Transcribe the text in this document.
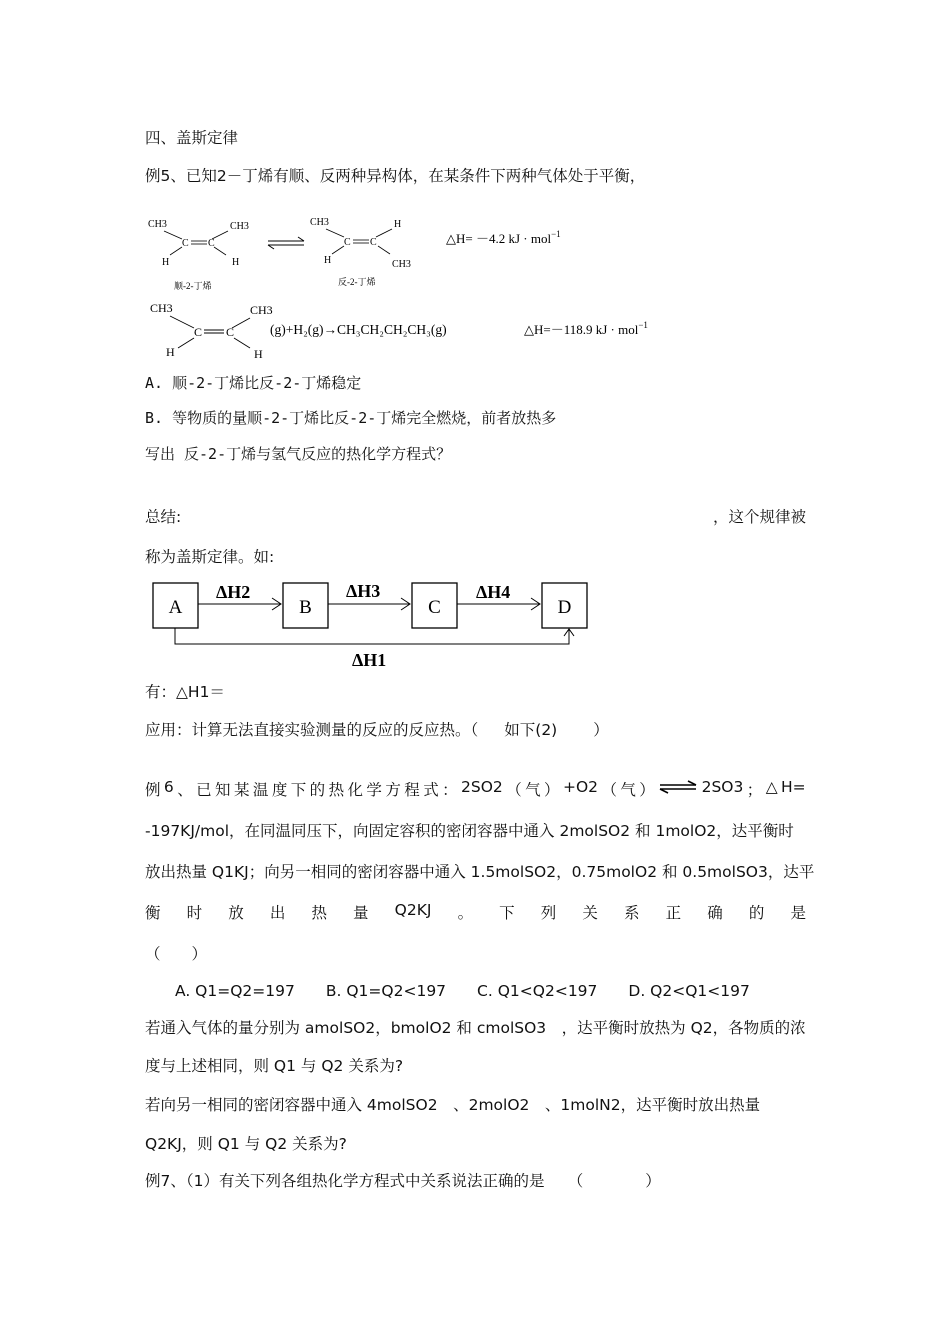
四、盖斯定律
例5、已知2－丁烯有顺、反两种异构体，在某条件下两种气体处于平衡，
CH3	CH3
C C
H	H
顺-2-丁烯
CH3	H
C C
H	CH3
反-2-丁烯
△H= －4.2 kJ · mol$^{-1}$
CH3	CH3
C C
H	H
(g)+H₂(g)→CH₃CH₂CH₂CH₃(g)	△H=－118.9 kJ · mol$^{-1}$
A. 顺-2-丁烯比反-2-丁烯稳定
B. 等物质的量顺-2-丁烯比反-2-丁烯完全燃烧，前者放热多
写出 反-2-丁烯与氢气反应的热化学方程式？
总结:	，这个规律被
称为盖斯定律。如:
A	B	C	D
ΔH2	ΔH3	ΔH4
ΔH1
有：△H1＝
应用：计算无法直接实验测量的反应的反应热。（ 如下(2) ）
例 6 、 已 知 某 温 度 下 的 热 化 学 方 程 式 ： 2SO2 （ 气 ） +O2 （ 气 ） ⇌ 2SO3 ； △ H=
-197KJ/mol，在同温同压下，向固定容积的密闭容器中通入 2molSO2 和 1molO2，达平衡时
放出热量 Q1KJ；向另一相同的密闭容器中通入 1.5molSO2，0.75molO2 和 0.5molSO3，达平
衡 时 放 出 热 量 Q2KJ 。 下 列 关 系 正 确 的 是
（　　）
A. Q1=Q2=197　　B. Q1=Q2<197　　C. Q1<Q2<197　　D. Q2<Q1<197
若通入气体的量分别为 amolSO2，bmolO2 和 cmolSO3　，达平衡时放热为 Q2，各物质的浓
度与上述相同，则 Q1 与 Q2 关系为?
若向另一相同的密闭容器中通入 4molSO2　、2molO2　、1molN2，达平衡时放出热量
Q2KJ，则 Q1 与 Q2 关系为?
例7、（1）有关下列各组热化学方程式中关系说法正确的是　　（　　　　）
